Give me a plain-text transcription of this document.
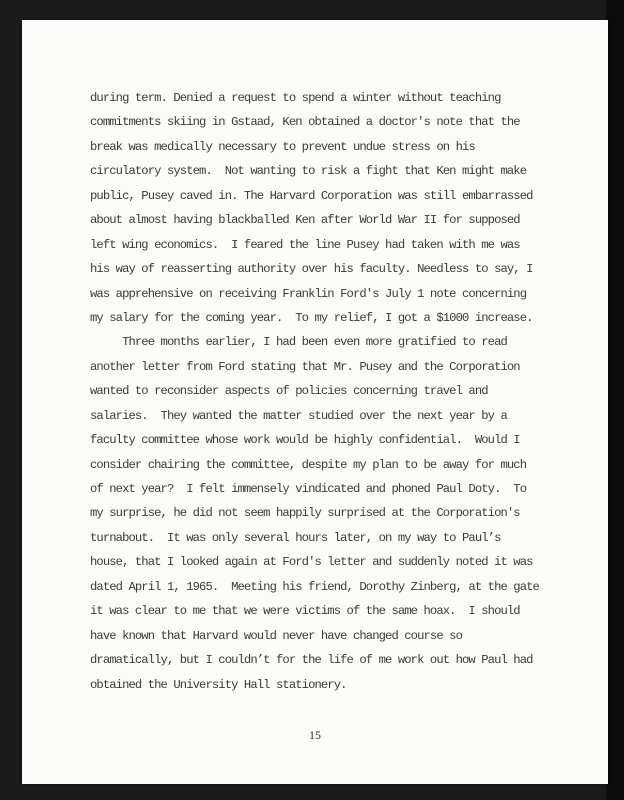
during term. Denied a request to spend a winter without teaching
commitments skiing in Gstaad, Ken obtained a doctor's note that the
break was medically necessary to prevent undue stress on his
circulatory system.  Not wanting to risk a fight that Ken might make
public, Pusey caved in. The Harvard Corporation was still embarrassed
about almost having blackballed Ken after World War II for supposed
left wing economics.  I feared the line Pusey had taken with me was
his way of reasserting authority over his faculty. Needless to say, I
was apprehensive on receiving Franklin Ford's July 1 note concerning
my salary for the coming year.  To my relief, I got a $1000 increase.
Three months earlier, I had been even more gratified to read
another letter from Ford stating that Mr. Pusey and the Corporation
wanted to reconsider aspects of policies concerning travel and
salaries.  They wanted the matter studied over the next year by a
faculty committee whose work would be highly confidential.  Would I
consider chairing the committee, despite my plan to be away for much
of next year?  I felt immensely vindicated and phoned Paul Doty.  To
my surprise, he did not seem happily surprised at the Corporation's
turnabout.  It was only several hours later, on my way to Paul’s
house, that I looked again at Ford's letter and suddenly noted it was
dated April 1, 1965.  Meeting his friend, Dorothy Zinberg, at the gate
it was clear to me that we were victims of the same hoax.  I should
have known that Harvard would never have changed course so
dramatically, but I couldn’t for the life of me work out how Paul had
obtained the University Hall stationery.
15
